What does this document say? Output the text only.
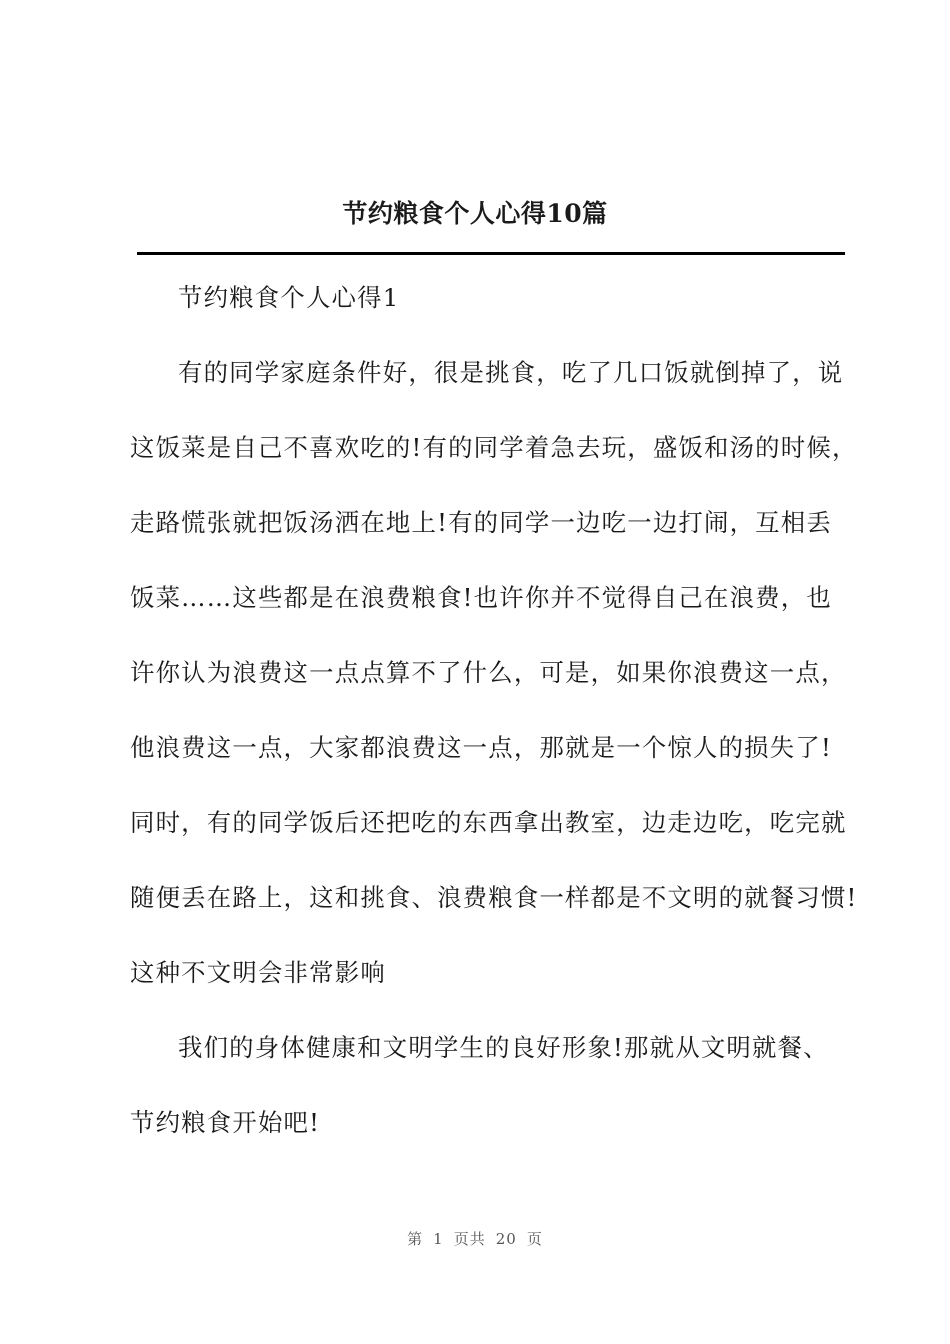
节约粮食个人心得10篇
节约粮食个人心得1
有的同学家庭条件好，很是挑食，吃了几口饭就倒掉了，说
这饭菜是自己不喜欢吃的!有的同学着急去玩，盛饭和汤的时候，
走路慌张就把饭汤洒在地上!有的同学一边吃一边打闹，互相丢
饭菜……这些都是在浪费粮食!也许你并不觉得自己在浪费，也
许你认为浪费这一点点算不了什么，可是，如果你浪费这一点，
他浪费这一点，大家都浪费这一点，那就是一个惊人的损失了!
同时，有的同学饭后还把吃的东西拿出教室，边走边吃，吃完就
随便丢在路上，这和挑食、浪费粮食一样都是不文明的就餐习惯!
这种不文明会非常影响
我们的身体健康和文明学生的良好形象!那就从文明就餐、
节约粮食开始吧!
第 1 页共 20 页
